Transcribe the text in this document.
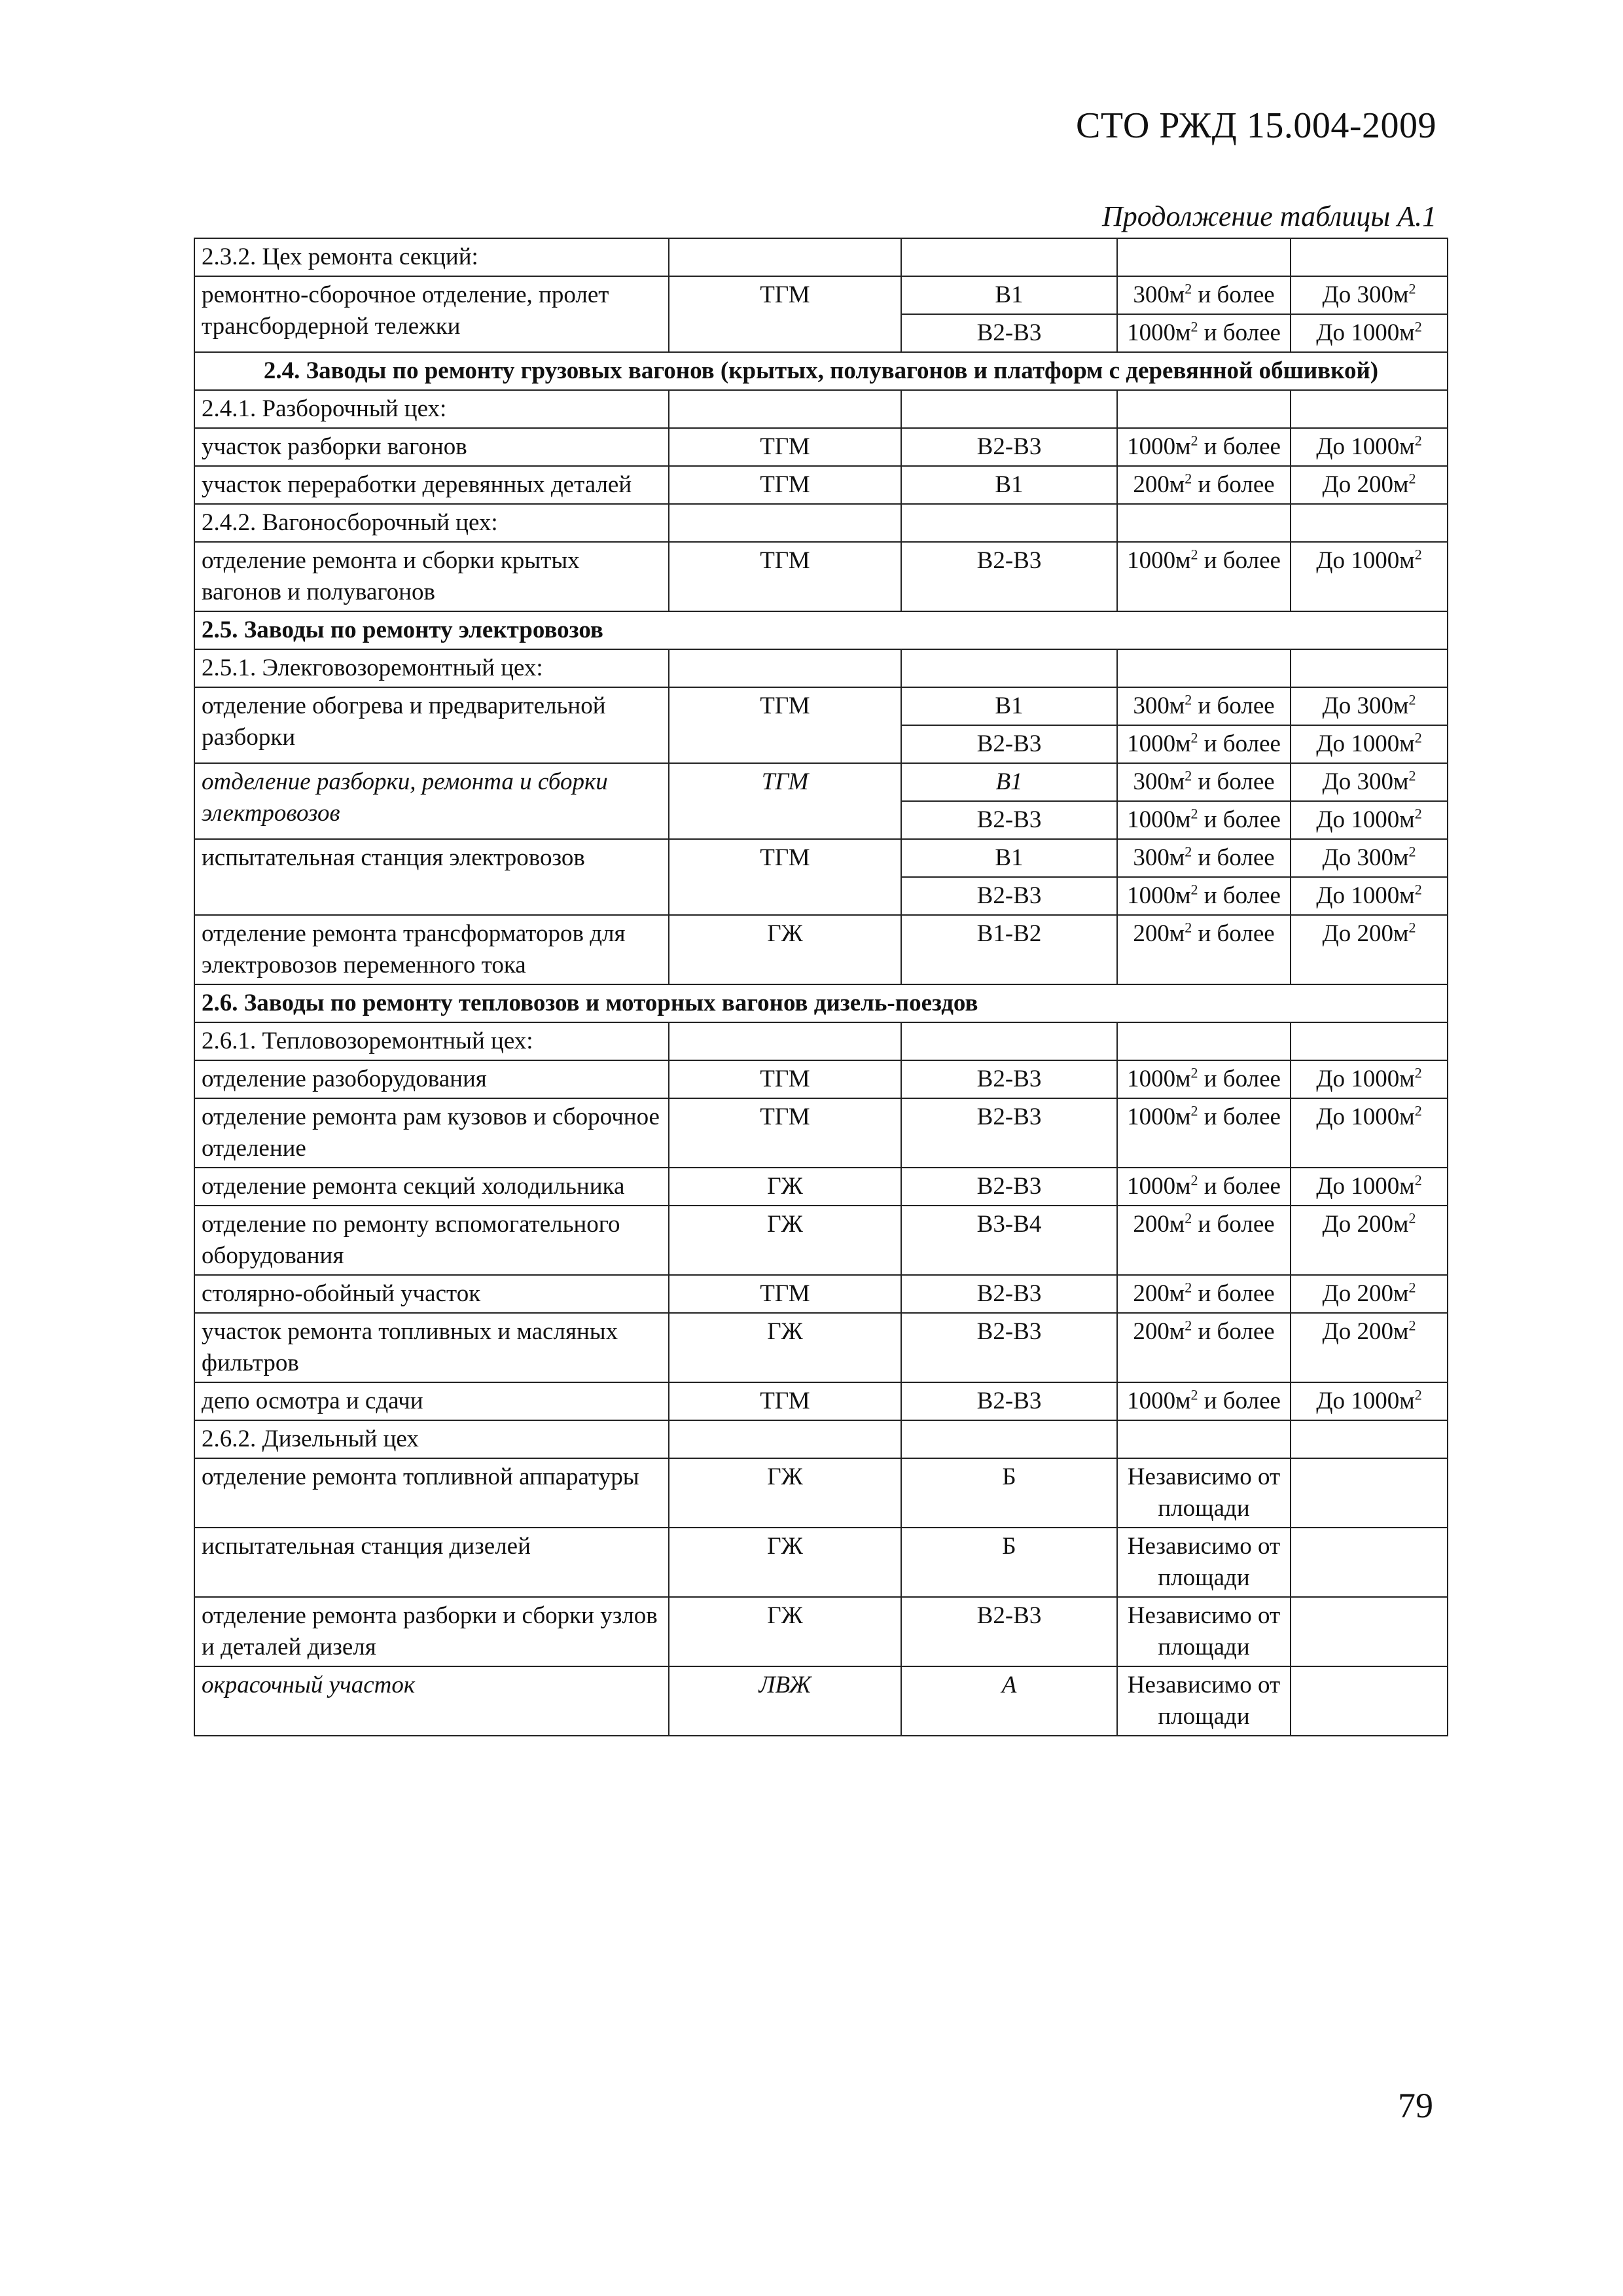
СТО РЖД 15.004-2009
Продолжение таблицы А.1
2.3.2. Цех ремонта секций:				
ремонтно-сборочное отделение, пролет трансбордерной тележки	ТГМ	В1	$300м^2$ и более	До $300м^2$
		В2-В3	$1000м^2$ и более	До $1000м^2$
2.4. Заводы по ремонту грузовых вагонов (крытых, полувагонов и платформ с деревянной обшивкой)				
2.4.1. Разборочный цех:				
участок разборки вагонов	ТГМ	В2-В3	$1000м^2$ и более	До $1000м^2$
участок переработки деревянных деталей	ТГМ	В1	$200м^2$ и более	До $200м^2$
2.4.2. Вагоносборочный цех:				
отделение ремонта и сборки крытых вагонов и полувагонов	ТГМ	В2-В3	$1000м^2$ и более	До $1000м^2$
2.5. Заводы по ремонту электровозов				
2.5.1. Элекговозоремонтный цех:				
отделение обогрева и предварительной разборки	ТГМ	В1	$300м^2$ и более	До $300м^2$
		В2-В3	$1000м^2$ и более	До $1000м^2$
отделение разборки, ремонта и сборки электровозов	ТГМ	В1	$300м^2$ и более	До $300м^2$
		В2-В3	$1000м^2$ и более	До $1000м^2$
испытательная станция электровозов	ТГМ	В1	$300м^2$ и более	До $300м^2$
		В2-В3	$1000м^2$ и более	До $1000м^2$
отделение ремонта трансформаторов для электровозов переменного тока	ГЖ	В1-В2	$200м^2$ и более	До $200м^2$
2.6. Заводы по ремонту тепловозов и моторных вагонов дизель-поездов				
2.6.1. Тепловозоремонтный цех:				
отделение разоборудования	ТГМ	В2-В3	$1000м^2$ и более	До $1000м^2$
отделение ремонта рам кузовов и сборочное отделение	ТГМ	В2-В3	$1000м^2$ и более	До $1000м^2$
отделение ремонта секций холодильника	ГЖ	В2-В3	$1000м^2$ и более	До $1000м^2$
отделение по ремонту вспомогательного оборудования	ГЖ	В3-В4	$200м^2$ и более	До $200м^2$
столярно-обойный участок	ТГМ	В2-В3	$200м^2$ и более	До $200м^2$
участок ремонта топливных и масляных фильтров	ГЖ	В2-В3	$200м^2$ и более	До $200м^2$
депо осмотра и сдачи	ТГМ	В2-В3	$1000м^2$ и более	До $1000м^2$
2.6.2. Дизельный цех				
отделение ремонта топливной аппаратуры	ГЖ	Б	Независимо от площади	
испытательная станция дизелей	ГЖ	Б	Независимо от площади	
отделение ремонта разборки и сборки узлов и деталей дизеля	ГЖ	В2-В3	Независимо от площади	
окрасочный участок	ЛВЖ	А	Независимо от площади	
79
